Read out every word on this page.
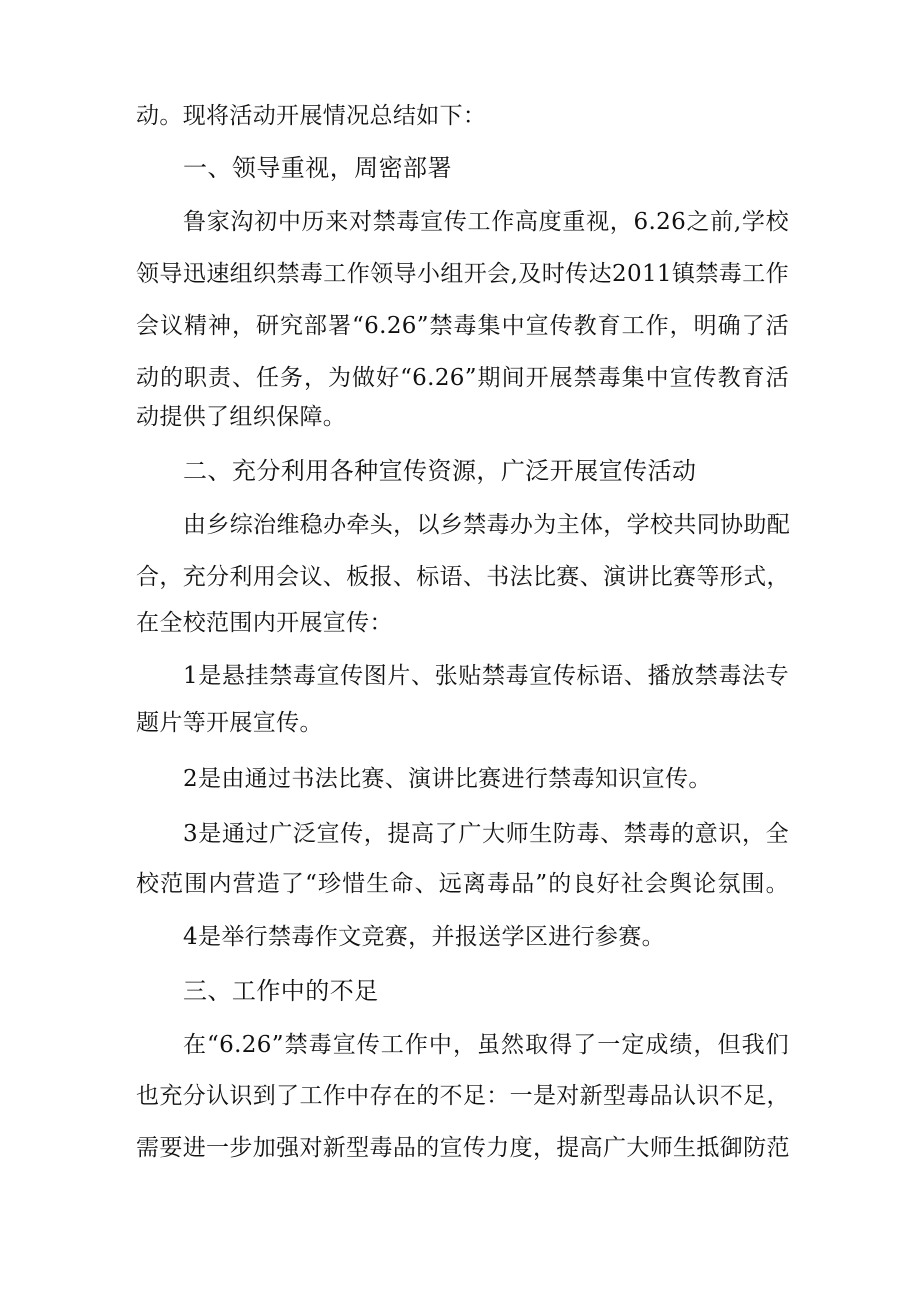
动。现将活动开展情况总结如下：

一、领导重视，周密部署

鲁家沟初中历来对禁毒宣传工作高度重视，6.26之前,学校

领导迅速组织禁毒工作领导小组开会,及时传达2011镇禁毒工作

会议精神，研究部署“6.26”禁毒集中宣传教育工作，明确了活

动的职责、任务，为做好“6.26”期间开展禁毒集中宣传教育活

动提供了组织保障。

二、充分利用各种宣传资源，广泛开展宣传活动

由乡综治维稳办牵头，以乡禁毒办为主体，学校共同协助配

合，充分利用会议、板报、标语、书法比赛、演讲比赛等形式，

在全校范围内开展宣传：

1是悬挂禁毒宣传图片、张贴禁毒宣传标语、播放禁毒法专

题片等开展宣传。

2是由通过书法比赛、演讲比赛进行禁毒知识宣传。

3是通过广泛宣传，提高了广大师生防毒、禁毒的意识，全

校范围内营造了“珍惜生命、远离毒品”的良好社会舆论氛围。

4是举行禁毒作文竞赛，并报送学区进行参赛。

三、工作中的不足

在“6.26”禁毒宣传工作中，虽然取得了一定成绩，但我们

也充分认识到了工作中存在的不足：一是对新型毒品认识不足，

需要进一步加强对新型毒品的宣传力度，提高广大师生抵御防范
